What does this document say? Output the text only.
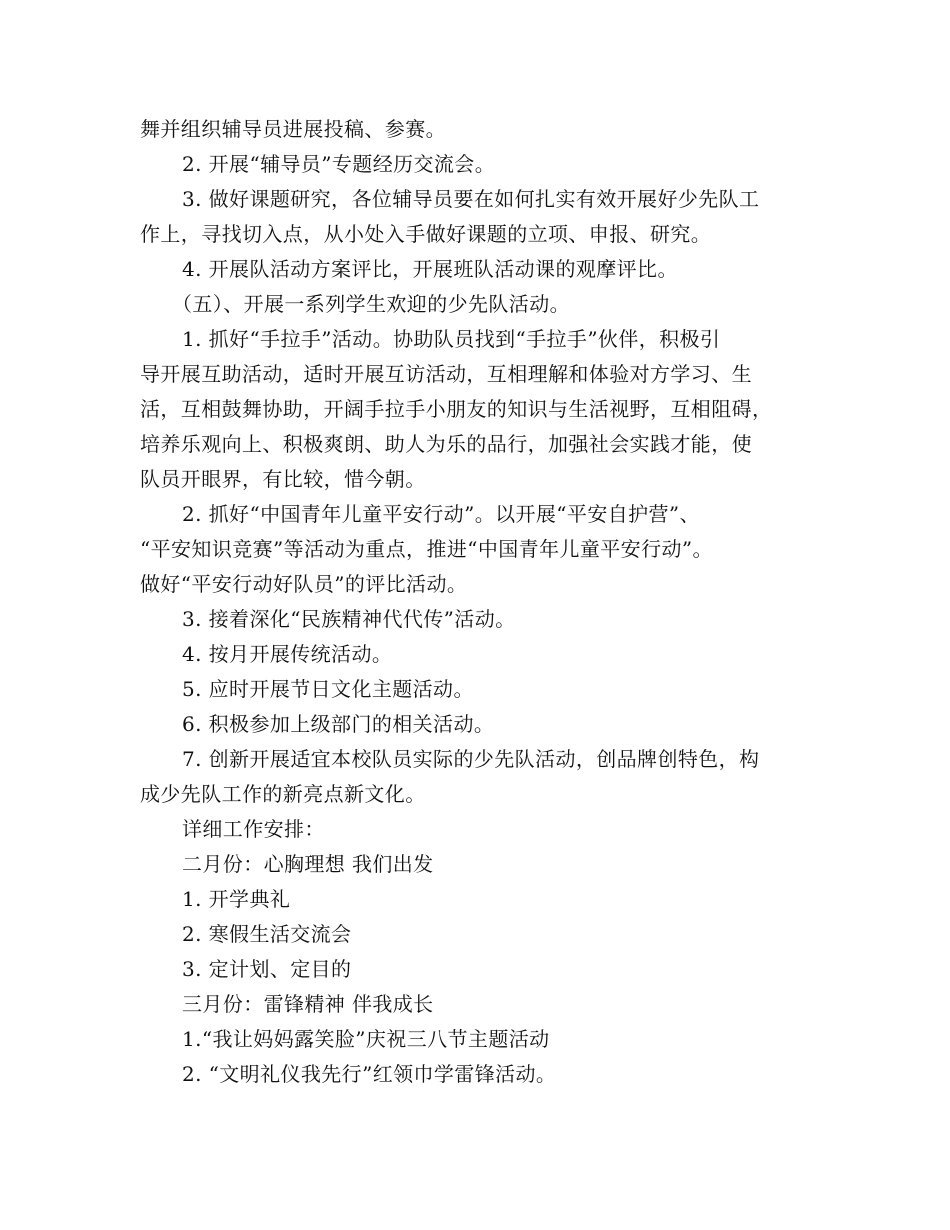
舞并组织辅导员进展投稿、参赛。
2. 开展“辅导员”专题经历交流会。
3. 做好课题研究，各位辅导员要在如何扎实有效开展好少先队工
作上，寻找切入点，从小处入手做好课题的立项、申报、研究。
4. 开展队活动方案评比，开展班队活动课的观摩评比。
（五）、开展一系列学生欢迎的少先队活动。
1. 抓好“手拉手”活动。协助队员找到“手拉手”伙伴，积极引
导开展互助活动，适时开展互访活动，互相理解和体验对方学习、生
活，互相鼓舞协助，开阔手拉手小朋友的知识与生活视野，互相阻碍，
培养乐观向上、积极爽朗、助人为乐的品行，加强社会实践才能，使
队员开眼界，有比较，惜今朝。
2. 抓好“中国青年儿童平安行动”。以开展“平安自护营”、
“平安知识竞赛”等活动为重点，推进“中国青年儿童平安行动”。
做好“平安行动好队员”的评比活动。
3. 接着深化“民族精神代代传”活动。
4. 按月开展传统活动。
5. 应时开展节日文化主题活动。
6. 积极参加上级部门的相关活动。
7. 创新开展适宜本校队员实际的少先队活动，创品牌创特色，构
成少先队工作的新亮点新文化。
详细工作安排：
二月份：心胸理想 我们出发
1. 开学典礼
2. 寒假生活交流会
3. 定计划、定目的
三月份：雷锋精神 伴我成长
1.“我让妈妈露笑脸”庆祝三八节主题活动
2. “文明礼仪我先行”红领巾学雷锋活动。
